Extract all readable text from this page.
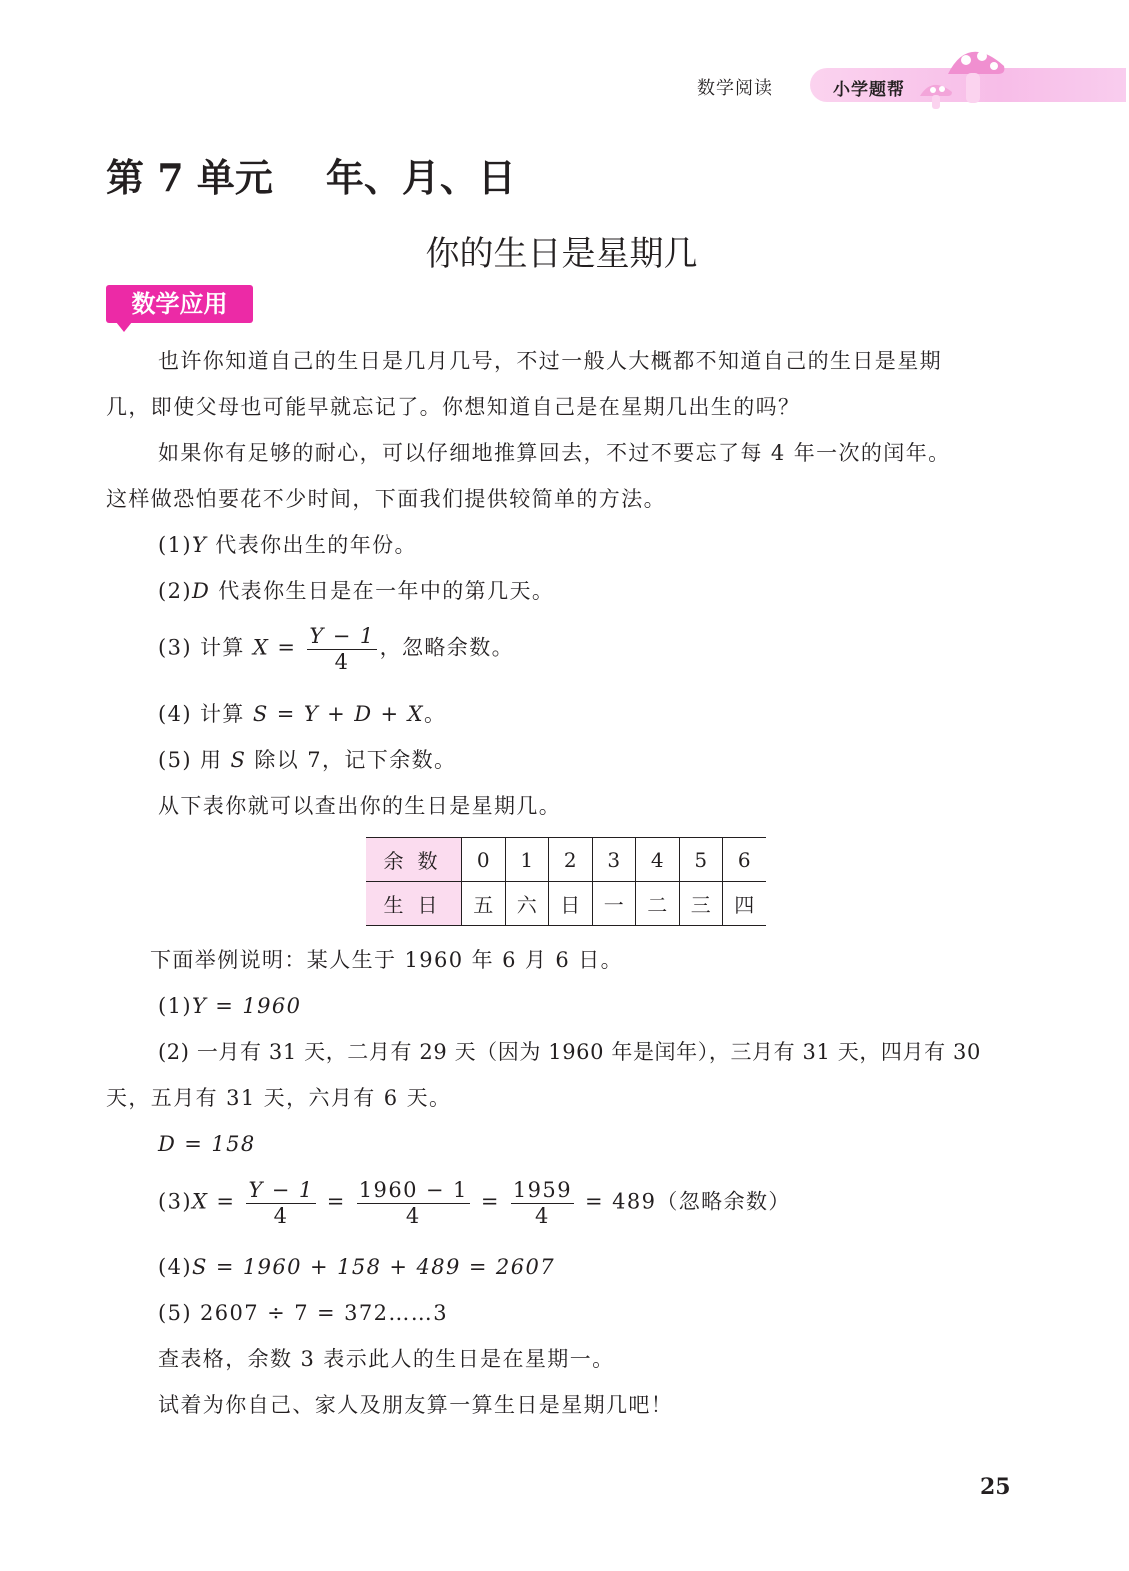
数学阅读	小学题帮
第 7 单元    年、月、日
你的生日是星期几
数学应用
也许你知道自己的生日是几月几号，不过一般人大概都不知道自己的生日是星期
几，即使父母也可能早就忘记了。你想知道自己是在星期几出生的吗？
如果你有足够的耐心，可以仔细地推算回去，不过不要忘了每 4 年一次的闰年。
这样做恐怕要花不少时间，下面我们提供较简单的方法。
(1)Y 代表你出生的年份。
(2)D 代表你生日是在一年中的第几天。
(3) 计算 $X = \frac{Y - 1}{4}$ ，忽略余数。
(4) 计算 S = Y + D + X。
(5) 用 S 除以 7，记下余数。
从下表你就可以查出你的生日是星期几。
余数	0	1	2	3	4	5	6
生日	五	六	日	一	二	三	四
下面举例说明：某人生于 1960 年 6 月 6 日。
(1)Y = 1960
(2) 一月有 31 天，二月有 29 天（因为 1960 年是闰年），三月有 31 天，四月有 30
天，五月有 31 天，六月有 6 天。
D = 158
$(3)X = \frac{Y - 1}{4} = \frac{1960 - 1}{4} = \frac{1959}{4} = 489$（忽略余数）
(4)S = 1960 + 158 + 489 = 2607
(5) 2607 ÷ 7 = 372……3
查表格，余数 3 表示此人的生日是在星期一。
试着为你自己、家人及朋友算一算生日是星期几吧！
25
